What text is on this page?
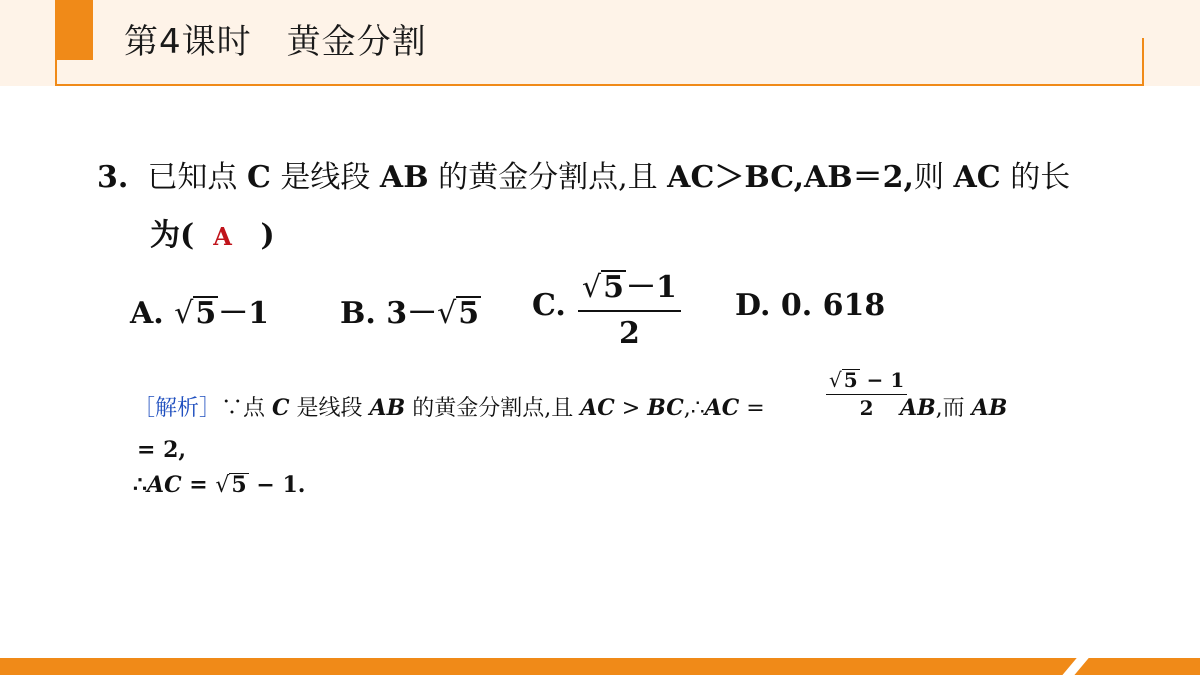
第4课时　黄金分割
3. 已知点 C 是线段 AB 的黄金分割点,且 AC＞BC,AB＝2,则 AC 的长
为( A )
A. √5－1 B. 3－√5 C. $\frac{√5-1}{2} D$. 0. 618
［解析］∵点 C 是线段 AB 的黄金分割点,且 AC > BC,∴AC =	$\frac{√ 5 - 1}{2}$
AB,而 AB
= 2,
∴AC = √5 − 1.
